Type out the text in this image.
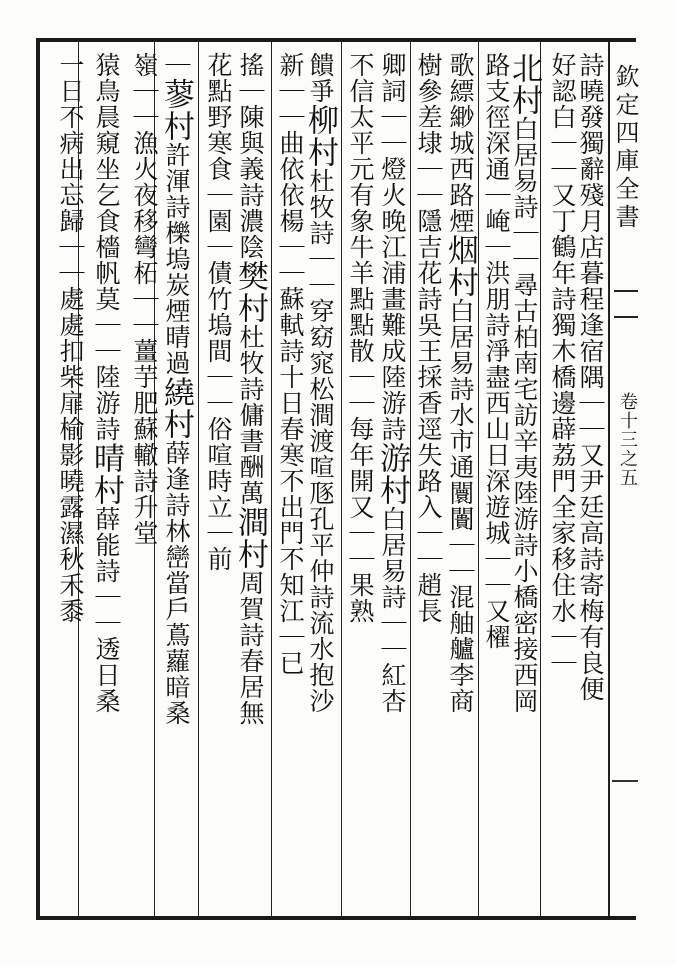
欽定四庫全書
卷十三之五
詩曉發獨辭殘月店暮程逢宿隅｜｜又尹廷高詩寄梅有良便
好認白｜｜又丁鶴年詩獨木橋邊薜荔門全家移住水｜｜
北村白居易詩｜｜尋古柏南宅訪辛夷陸游詩小橋密接西岡
路支徑深通｜崦｜洪朋詩淨盡西山日深遊城｜｜又櫂
歌縹緲城西路煙烟村白居易詩水市通闤闠｜｜混舳艫李商
樹參差埭｜｜隱吉花詩吳王採香逕失路入｜｜趙長
卿詞｜｜燈火晚江浦畫難成陸游詩游村白居易詩｜｜紅杏
不信太平元有象牛羊點點散｜｜每年開又｜｜果熟
饋爭柳村杜牧詩｜｜穿窈窕松澗渡喧豗孔平仲詩流水抱沙
新｜｜曲依依楊｜｜蘇軾詩十日春寒不出門不知江｜已
搖｜陳與義詩濃陰樊村杜牧詩傭書酬萬澗村周賀詩春居無
花點野寒食｜園｜債竹塢間｜｜俗喧時立｜前
｜蓼村許渾詩櫟塢炭煙晴過繞村薛逢詩林巒當戶蔦蘿暗桑
嶺｜｜漁火夜移彎柘｜｜薑芋肥蘇轍詩升堂
猿鳥晨窺坐乞食檣帆莫｜｜陸游詩晴村薛能詩｜｜透日桑
一日不病出忘歸｜｜處處扣柴扉榆影曉露濕秋禾黍
